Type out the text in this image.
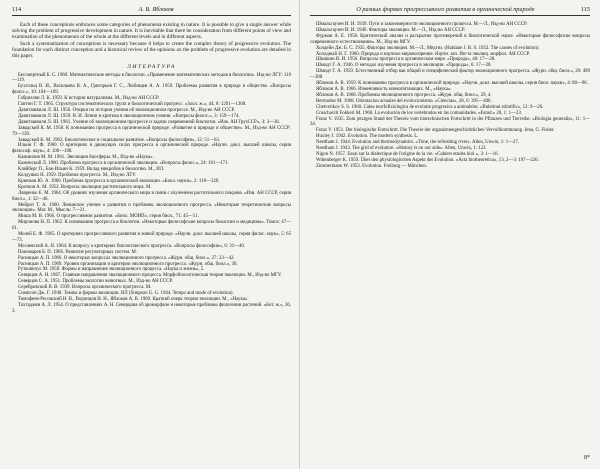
114	А. В. Яблоков

Each of these conceptions embraces some categories of phenomena existing in nature. It is possible to give a single answer while solving the problem of progressive development in nature. It is inevitable that there be consideration from different points of view and examination of the phenomenon of the whole at the different levels and in different aspects.

Such a systematization of conceptions is necessary because it helps to create the complex theory of progressive evolution. The foundation for each distinct conception and a historical review of the opinions on the problem of progressive evolution are detailed in this paper.

ЛИТЕРАТУРА
Бессмертный Б. С. 1960. Математические методы в биологии. «Применение математических методов в биологии». Изд-во ЛГУ: 110—119.
Бухгольц В. И., Васильева В. А., Григорьев Г. С., Любищев А. А. 1959. Проблемы развития в природе и обществе. «Вопросы филос.», 10: 164—169.
Габриэлян Л. К. 1959. К истории натурализма. М., Изд-во АН СССР.
Гаптин Г. Т. 1965. Структура систематических групп и биологический прогресс. «Зоол. ж.», 44, 8: 1291—1308.
Давиташвили Л. Ш. 1956. Очерки по истории учения об эволюционном прогрессе. М., Изд-во АН СССР.
Давиташвили Л. Ш. 1959. В. И. Ленин и критика в эволюционном учении. «Вопросы филос.», 3: 159—174.
Давиташвили Л. Ш. 1961. Учение об эволюционном прогрессе и задачи современной биологии. «Изв. АН ГрузССР», 3: 3—36.
Завадский К. М. 1958. К пониманию прогресса в органической природе. «Развитие в природе и обществе». М., Изд-во АН СССР: 79—120.
Завадский К. М. 1963. Биологическое и социальное развитие. «Вопросы философии», 12: 51—63.
Ильин Г. Ф. 1960. О критериях и движущих силах прогресса в органической природе. «Научн. докл. высшей школы, серия философ. наук», 4: 100—108.
Камшилов М. М. 1961. Эволюция биосферы. М., Изд-во «Наука».
Каминский Л. 1960. Проблема прогресса в органической эволюции. «Вопросы филос.», 24: 161—171.
Клейберг П., Бак-Ильин К. 1959. Вклад микробов в биологию. М., ИЛ.
Колдушко Н. 1959. Проблема прогресса. М., Изд-во ЛГУ.
Крючков Ю. А. 1960. Проблема прогресса в органической эволюции. «Биол. науки», 2: 118—128.
Кротков А. М. 1952. Вопросы эволюции растительного мира. М.
Лавренко Е. М. 1964. Об уровнях изучения органического мира в связи с изучением растительного покрова. «Изв. АН СССР, серия биол.», 1: 32—46.
Мейрит Т. А. 1960. Ленинское учение о развитии и проблемы эволюционного прогресса. «Некоторые теоретические вопросы эволюции». Маг. М., Мысль: 7—21.
Миша М. В. 1966. О прогрессивном развитии. «Биол. МОИП», серия биол., 71: 45—51.
Миронова Н. П. 1962. К пониманию прогресса в биологии. «Некоторые философские вопросы биологии и медицины». Томск: 47—61.
Молей Е. Ф. 1965. О критериях прогрессивного развития в живой природе. «Научн. докл. высшей школы, серия филос. наук», 5: 65—73.
Мосаевский А. Н. 1964. К вопросу о критериях биологического прогресса. «Вопросы философии», 6: 31—40.
Пономарев Б. П. 1966. Развитие регуляторных систем. М.
Расницын А. П. 1966. О некоторых вопросах эволюционного прогресса. «Журн. общ. биол.», 27: 33—42.
Расницын А. П. 1969. Уровни организации и критерии эволюционного прогресса. «Журн. общ. биол.», 30.
Рутковичус М. 1959. Формы и направления эволюционного процесса. «Наука и жизнь», 5.
Северцов А. Н. 1967. Главные направления эволюционного процесса. Морфобиологическая теория эволюции. М., Изд-во МГУ.
Северцов С. А. 1951. Проблемы экологии животных. М., Изд-во АН СССР.
Серебровский В. В. 1939. Вопросы органического прогресса. М.
Симпсон Дж. Г. 1948. Темпы и формы эволюции. ИЛ (Simpson G. G. 1944. Tempo and mode of evolution).
Тимофеев-Ресовский Н. В., Воронцов Н. Н., Яблоков А. В. 1969. Краткий очерк теории эволюции. М., «Наука».
Тахтаджян А. Л. 1954. О представлениях А. Н. Северцова об ароморфозе и некоторые проблемы филогении растений. «Бот. ж.», 36, 3.
О разных формах прогрессивного развития в органической природе	115
Шмальгаузен И. И. 1939. Пути и закономерности эволюционного процесса. М.—Л., Изд-во АН СССР.
Шмальгаузен И. И. 1946. Факторы эволюции. М.—Л., Изд-во АН СССР.
Фурман А. Е. 1958. Критический анализ и раскрытие противоречий в биологической науке. «Некоторые философские вопросы современного естествознания». М., Изд-во МГУ.
Холдейн Дж. Б. С. 1935. Факторы эволюции. М.—Л., Медгиз. (Haldane J. B. S. 1932. The causes of evolution).
Холодный Н. Г. 1960. Природа и научное мировоззрение. Научн. зап. Ин-та эволюц. морфол. АН СССР.
Шишкин В. И. 1956. Вопросы прогресса в органическом мире. «Природа», 46: 17—28.
Шмидт Г. А. 1946. О методах изучения прогресса в эволюции. «Природа», 6: 17—28.
Шмидт Г. А. 1959. Естественный отбор как общий и специфический фактор эволюционного прогресса. «Журн. общ. биол.», 20: 489—388.
Яблоков А. В. 1959. К пониманию прогресса в органической природе. «Научн. докл. высшей школы, серия биол. науки», 4: 80—96.
Яблоков А. В. 1966. Изменчивость млекопитающих. М., «Наука».
Яблоков А. В. 1968. Проблемы эволюционного прогресса. «Журн. общ. биол.», 29, 4.
Bermudez M. 1968. Orientacion actuales del evolucionismo. «Ciencias», 28, 6: 395—406.
Chetverikov S. S. 1960. Calea morfofiziologica de evolutie progresiva a animalelor. «Buletinul stiintific», 12: 9—26.
Cruschaviti Fokkeri M. 1960. La evolución de los vertebrados en las comunidades. «Estud.» 20, 1: 1—23.
Franz V. 1935. Zum jetzigen Stand der Theorie vom biotechnischen Fortschritt in der Pflanzen und Tierreihe. «Biologia generalis», 11: 1—34.
Franz V. 1951. Der biologische Fortschritt. Die Theorie der organismengeschichtlichen Vervollkommnung. Jena, G. Fisher.
Huxley J. 1942. Evolution. The modern synthesis. L.
Needham J. 1944. Evolution and thermodynamics. «Time, the refreshing river». Allen, Unwin, 1: 1—27.
Needham J. 1943. The grid of evolution. «History is on our side». Allen, Unwin, 1: 122.
Nigon N. 1957. Essai sur la dialectique de l'origine de la vie. «Cahiers etudes biol.», 3: 1—16.
Wittenberger K. 1959. Über den physiologischen Aspekt der Evolution. «Acta biotheoretica», 13, 2—3: 197—226.
Zimmermann W. 1953. Evolution. Freiburg — München.
8*
